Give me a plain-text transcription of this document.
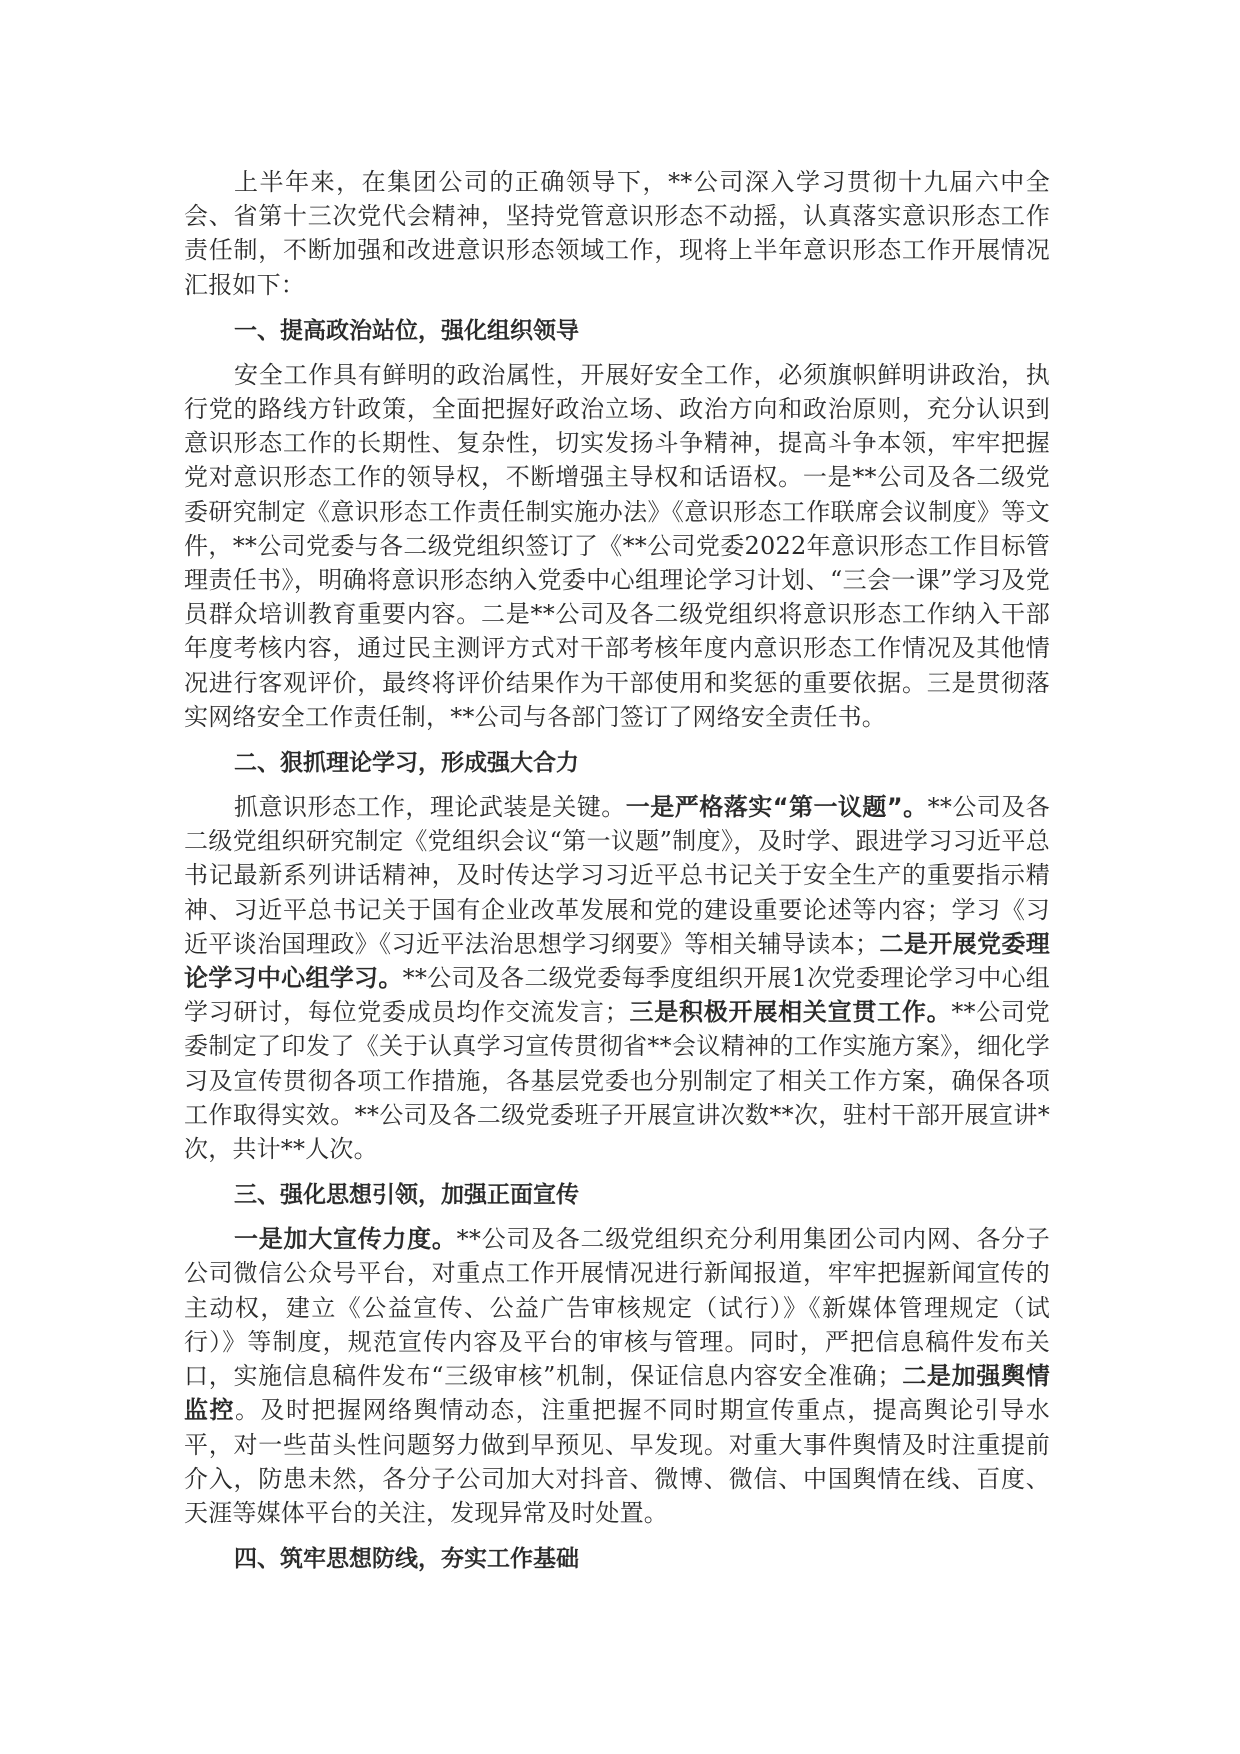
上半年来，在集团公司的正确领导下，**公司深入学习贯彻十九届六中全会、省第十三次党代会精神，坚持党管意识形态不动摇，认真落实意识形态工作责任制，不断加强和改进意识形态领域工作，现将上半年意识形态工作开展情况汇报如下：

一、提高政治站位，强化组织领导

安全工作具有鲜明的政治属性，开展好安全工作，必须旗帜鲜明讲政治，执行党的路线方针政策，全面把握好政治立场、政治方向和政治原则，充分认识到意识形态工作的长期性、复杂性，切实发扬斗争精神，提高斗争本领，牢牢把握党对意识形态工作的领导权，不断增强主导权和话语权。一是**公司及各二级党委研究制定《意识形态工作责任制实施办法》《意识形态工作联席会议制度》等文件，**公司党委与各二级党组织签订了《**公司党委2022年意识形态工作目标管理责任书》，明确将意识形态纳入党委中心组理论学习计划、“三会一课”学习及党员群众培训教育重要内容。二是**公司及各二级党组织将意识形态工作纳入干部年度考核内容，通过民主测评方式对干部考核年度内意识形态工作情况及其他情况进行客观评价，最终将评价结果作为干部使用和奖惩的重要依据。三是贯彻落实网络安全工作责任制，**公司与各部门签订了网络安全责任书。

二、狠抓理论学习，形成强大合力

抓意识形态工作，理论武装是关键。一是严格落实“第一议题”。**公司及各二级党组织研究制定《党组织会议“第一议题”制度》，及时学、跟进学习习近平总书记最新系列讲话精神，及时传达学习习近平总书记关于安全生产的重要指示精神、习近平总书记关于国有企业改革发展和党的建设重要论述等内容；学习《习近平谈治国理政》《习近平法治思想学习纲要》等相关辅导读本；二是开展党委理论学习中心组学习。**公司及各二级党委每季度组织开展1次党委理论学习中心组学习研讨，每位党委成员均作交流发言；三是积极开展相关宣贯工作。**公司党委制定了印发了《关于认真学习宣传贯彻省**会议精神的工作实施方案》，细化学习及宣传贯彻各项工作措施，各基层党委也分别制定了相关工作方案，确保各项工作取得实效。**公司及各二级党委班子开展宣讲次数**次，驻村干部开展宣讲*次，共计**人次。

三、强化思想引领，加强正面宣传

一是加大宣传力度。**公司及各二级党组织充分利用集团公司内网、各分子公司微信公众号平台，对重点工作开展情况进行新闻报道，牢牢把握新闻宣传的主动权，建立《公益宣传、公益广告审核规定（试行）》《新媒体管理规定（试行）》等制度，规范宣传内容及平台的审核与管理。同时，严把信息稿件发布关口，实施信息稿件发布“三级审核”机制，保证信息内容安全准确；二是加强舆情监控。及时把握网络舆情动态，注重把握不同时期宣传重点，提高舆论引导水平，对一些苗头性问题努力做到早预见、早发现。对重大事件舆情及时注重提前介入，防患未然，各分子公司加大对抖音、微博、微信、中国舆情在线、百度、天涯等媒体平台的关注，发现异常及时处置。

四、筑牢思想防线，夯实工作基础
